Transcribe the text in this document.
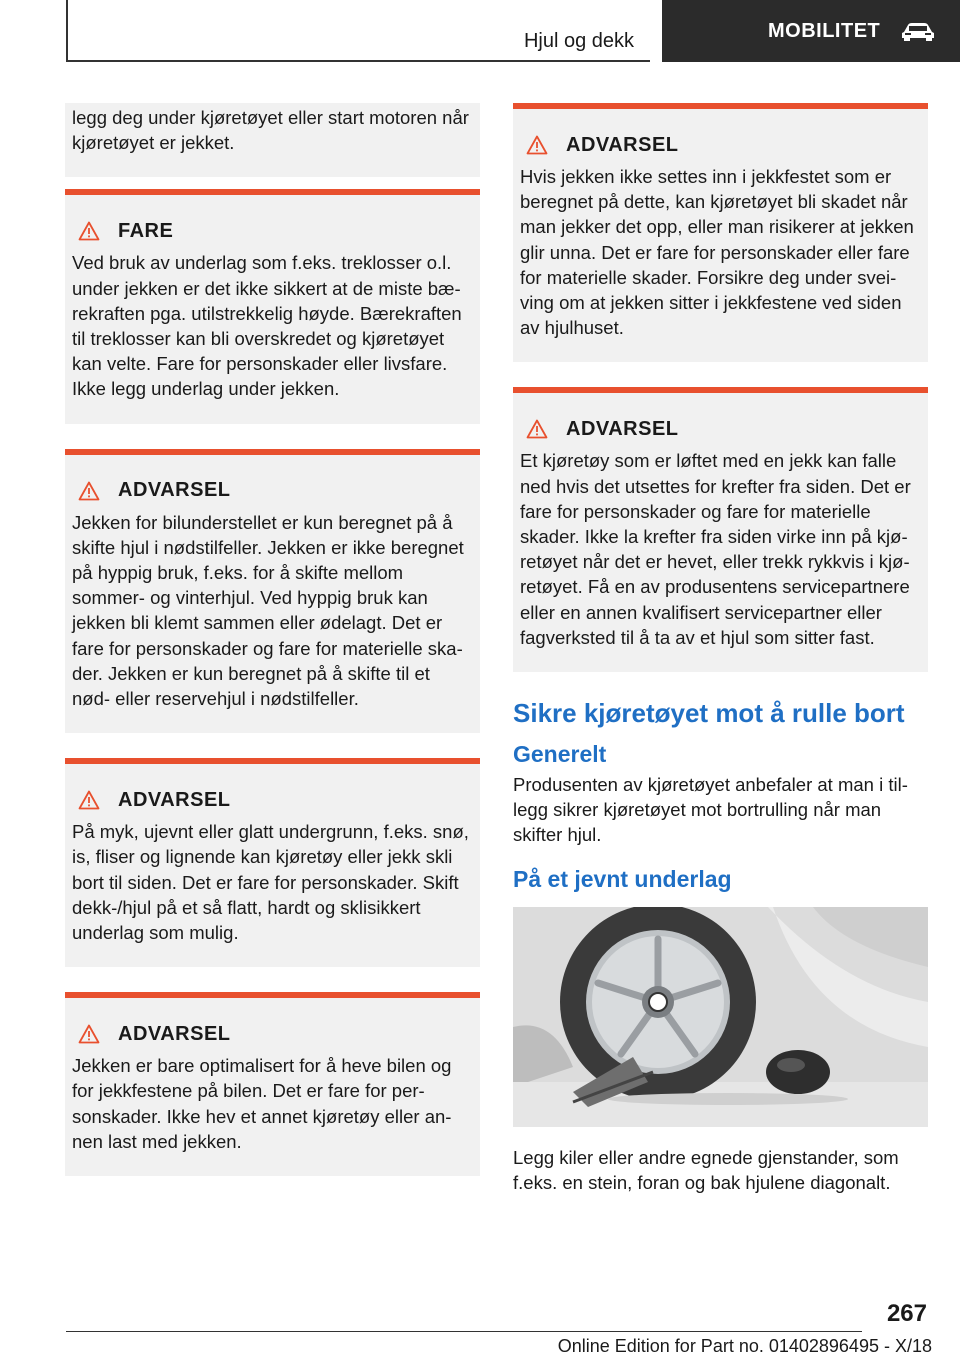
Hjul og dekk	MOBILITET

legg deg under kjøretøyet eller start motoren når kjøretøyet er jekket.

FARE

Ved bruk av underlag som f.eks. treklosser o.l. under jekken er det ikke sikkert at de miste bærekraften pga. utilstrekkelig høyde. Bærekraften til treklosser kan bli overskredet og kjøretøyet kan velte. Fare for personskader eller livsfare. Ikke legg underlag under jekken.

ADVARSEL

Jekken for bilunderstellet er kun beregnet på å skifte hjul i nødstilfeller. Jekken er ikke beregnet på hyppig bruk, f.eks. for å skifte mellom sommer- og vinterhjul. Ved hyppig bruk kan jekken bli klemt sammen eller ødelagt. Det er fare for personskader og fare for materielle skader. Jekken er kun beregnet på å skifte til et nød- eller reservehjul i nødstilfeller.

ADVARSEL

På myk, ujevnt eller glatt undergrunn, f.eks. snø, is, fliser og lignende kan kjøretøy eller jekk skli bort til siden. Det er fare for personskader. Skift dekk-/hjul på et så flatt, hardt og sklisikkert underlag som mulig.

ADVARSEL

Jekken er bare optimalisert for å heve bilen og for jekkfestene på bilen. Det er fare for personskader. Ikke hev et annet kjøretøy eller annen last med jekken.

ADVARSEL

Hvis jekken ikke settes inn i jekkfestet som er beregnet på dette, kan kjøretøyet bli skadet når man jekker det opp, eller man risikerer at jekken glir unna. Det er fare for personskader eller fare for materielle skader. Forsikre deg under sveiving om at jekken sitter i jekkfestene ved siden av hjulhuset.

ADVARSEL

Et kjøretøy som er løftet med en jekk kan falle ned hvis det utsettes for krefter fra siden. Det er fare for personskader og fare for materielle skader. Ikke la krefter fra siden virke inn på kjøretøyet når det er hevet, eller trekk rykkvis i kjøretøyet. Få en av produsentens servicepartnere eller en annen kvalifisert servicepartner eller fagverksted til å ta av et hjul som sitter fast.

Sikre kjøretøyet mot å rulle bort
Generelt

Produsenten av kjøretøyet anbefaler at man i tillegg sikrer kjøretøyet mot bortrulling når man skifter hjul.

På et jevnt underlag

Legg kiler eller andre egnede gjenstander, som f.eks. en stein, foran og bak hjulene diagonalt.

267
Online Edition for Part no. 01402896495 - X/18
